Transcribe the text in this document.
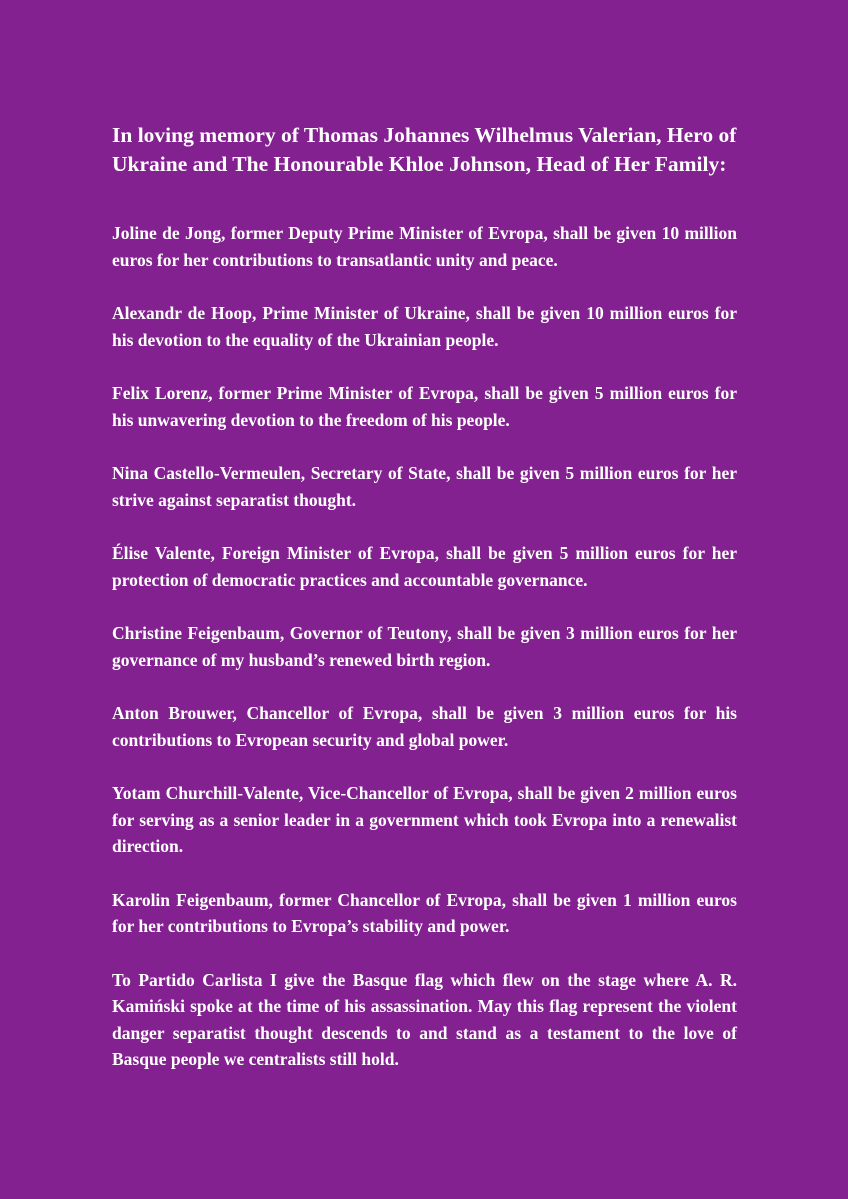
In loving memory of Thomas Johannes Wilhelmus Valerian, Hero of Ukraine and The Honourable Khloe Johnson, Head of Her Family:

Joline de Jong, former Deputy Prime Minister of Evropa, shall be given 10 million euros for her contributions to transatlantic unity and peace.

Alexandr de Hoop, Prime Minister of Ukraine, shall be given 10 million euros for his devotion to the equality of the Ukrainian people.

Felix Lorenz, former Prime Minister of Evropa, shall be given 5 million euros for his unwavering devotion to the freedom of his people.

Nina Castello-Vermeulen, Secretary of State, shall be given 5 million euros for her strive against separatist thought.

Élise Valente, Foreign Minister of Evropa, shall be given 5 million euros for her protection of democratic practices and accountable governance.

Christine Feigenbaum, Governor of Teutony, shall be given 3 million euros for her governance of my husband’s renewed birth region.

Anton Brouwer, Chancellor of Evropa, shall be given 3 million euros for his contributions to Evropean security and global power.

Yotam Churchill-Valente, Vice-Chancellor of Evropa, shall be given 2 million euros for serving as a senior leader in a government which took Evropa into a renewalist direction.

Karolin Feigenbaum, former Chancellor of Evropa, shall be given 1 million euros for her contributions to Evropa’s stability and power.

To Partido Carlista I give the Basque flag which flew on the stage where A. R. Kamiński spoke at the time of his assassination. May this flag represent the violent danger separatist thought descends to and stand as a testament to the love of Basque people we centralists still hold.
